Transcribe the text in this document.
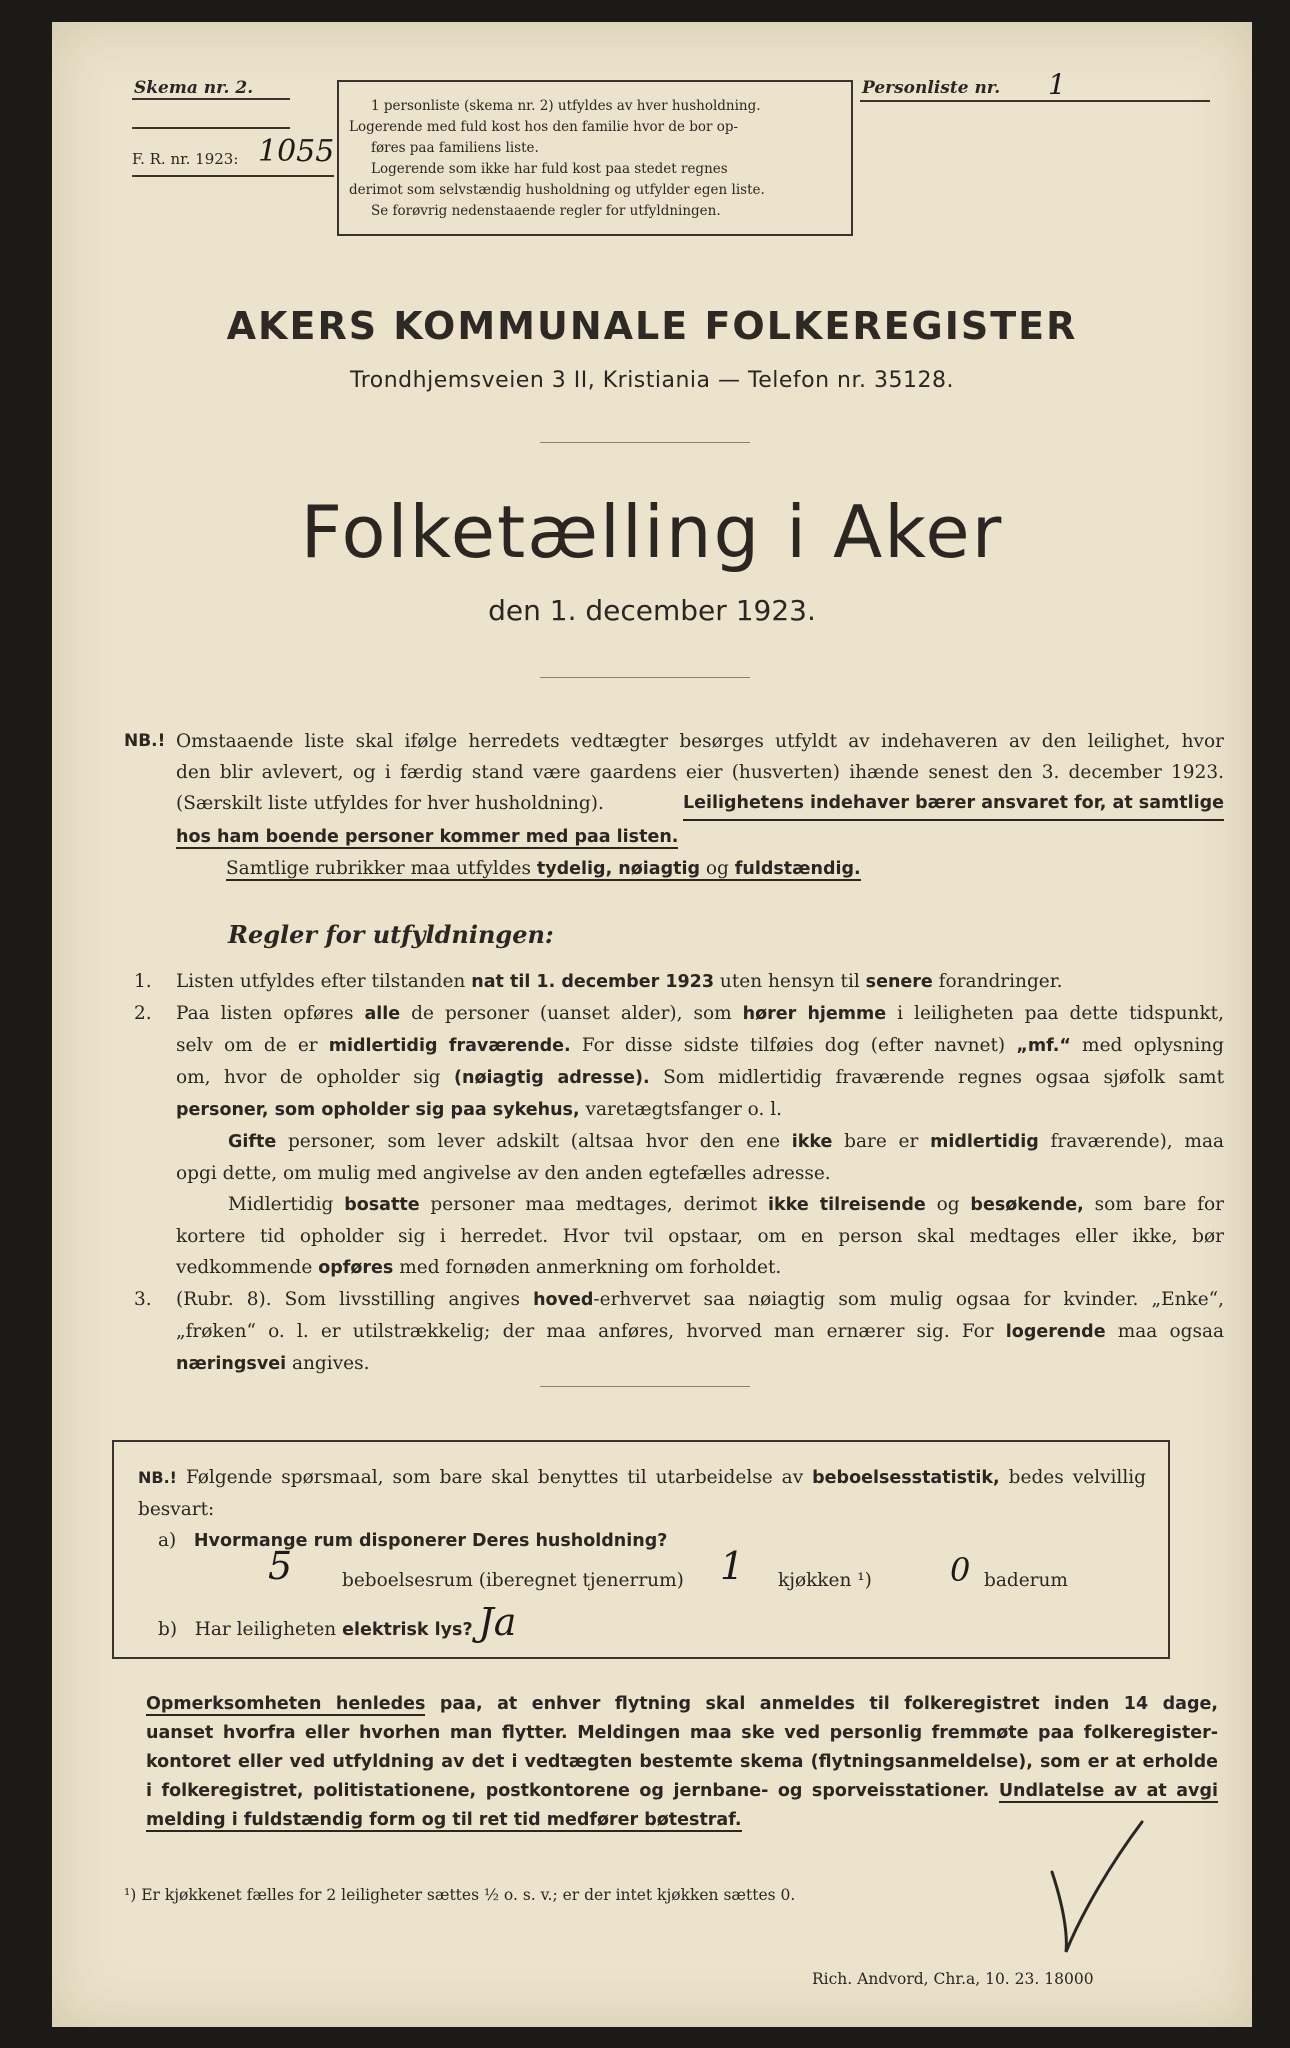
Skema nr. 2.
F. R. nr. 1923: 1055
1 personliste (skema nr. 2) utfyldes av hver husholdning.
Logerende med fuld kost hos den familie hvor de bor op-
føres paa familiens liste.
Logerende som ikke har fuld kost paa stedet regnes
derimot som selvstændig husholdning og utfylder egen liste.
Se forøvrig nedenstaaende regler for utfyldningen.
Personliste nr. 1
AKERS KOMMUNALE FOLKEREGISTER
Trondhjemsveien 3 II, Kristiania — Telefon nr. 35128.
Folketælling i Aker
den 1. december 1923.
NB.! Omstaaende liste skal ifølge herredets vedtægter besørges utfyldt av indehaveren av den leilighet, hvor
den blir avlevert, og i færdig stand være gaardens eier (husverten) ihænde senest den 3. december 1923.
(Særskilt liste utfyldes for hver husholdning).	Leilighetens indehaver bærer ansvaret for, at samtlige
hos ham boende personer kommer med paa listen.
Samtlige rubrikker maa utfyldes tydelig, nøiagtig og fuldstændig.
Regler for utfyldningen:
1. Listen utfyldes efter tilstanden nat til 1. december 1923 uten hensyn til senere forandringer.
2. Paa listen opføres alle de personer (uanset alder), som hører hjemme i leiligheten paa dette tidspunkt,
selv om de er midlertidig fraværende. For disse sidste tilføies dog (efter navnet) „mf.“ med oplysning
om, hvor de opholder sig (nøiagtig adresse). Som midlertidig fraværende regnes ogsaa sjøfolk samt
personer, som opholder sig paa sykehus, varetægtsfanger o. l.
Gifte personer, som lever adskilt (altsaa hvor den ene ikke bare er midlertidig fraværende), maa
opgi dette, om mulig med angivelse av den anden egtefælles adresse.
Midlertidig bosatte personer maa medtages, derimot ikke tilreisende og besøkende, som bare for
kortere tid opholder sig i herredet. Hvor tvil opstaar, om en person skal medtages eller ikke, bør
vedkommende opføres med fornøden anmerkning om forholdet.
3. (Rubr. 8). Som livsstilling angives hoved-erhvervet saa nøiagtig som mulig ogsaa for kvinder. „Enke“,
„frøken“ o. l. er utilstrækkelig; der maa anføres, hvorved man ernærer sig. For logerende maa ogsaa
næringsvei angives.
NB.! Følgende spørsmaal, som bare skal benyttes til utarbeidelse av beboelsesstatistik, bedes velvillig
besvart:
a) Hvormange rum disponerer Deres husholdning?
5	beboelsesrum (iberegnet tjenerrum) 1 kjøkken ¹) 0 baderum
b) Har leiligheten elektrisk lys? Ja
Opmerksomheten henledes paa, at enhver flytning skal anmeldes til folkeregistret inden 14 dage,
uanset hvorfra eller hvorhen man flytter. Meldingen maa ske ved personlig fremmøte paa folkeregister-
kontoret eller ved utfyldning av det i vedtægten bestemte skema (flytningsanmeldelse), som er at erholde
i folkeregistret, politistationene, postkontorene og jernbane- og sporveisstationer. Undlatelse av at avgi
melding i fuldstændig form og til ret tid medfører bøtestraf.
¹) Er kjøkkenet fælles for 2 leiligheter sættes ½ o. s. v.; er der intet kjøkken sættes 0.
Rich. Andvord, Chr.a, 10. 23. 18000
